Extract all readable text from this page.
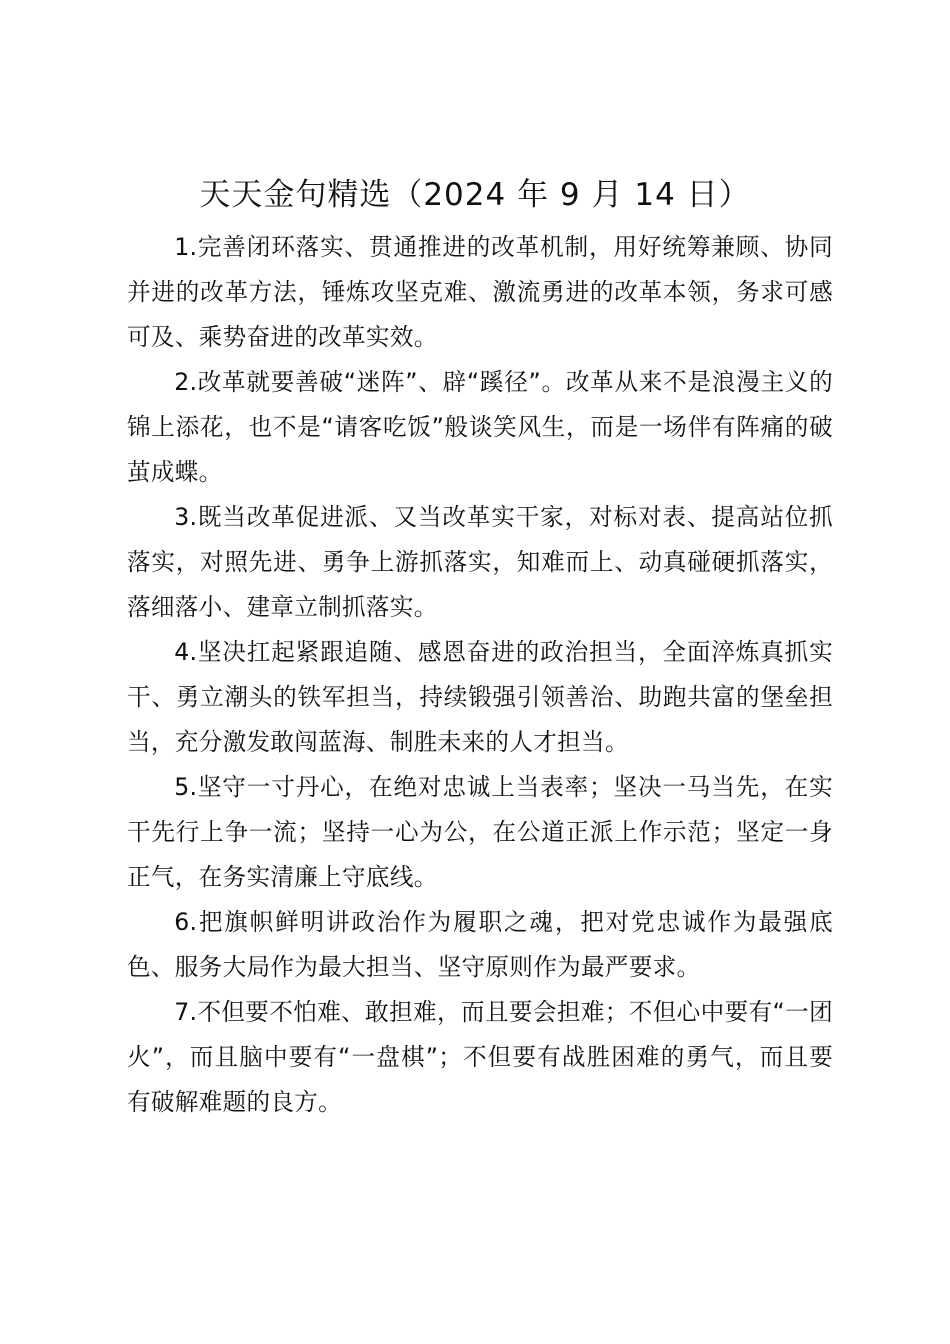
天天金句精选（2024 年 9 月 14 日）

1.完善闭环落实、贯通推进的改革机制，用好统筹兼顾、协同并进的改革方法，锤炼攻坚克难、激流勇进的改革本领，务求可感可及、乘势奋进的改革实效。

2.改革就要善破“迷阵”、辟“蹊径”。改革从来不是浪漫主义的锦上添花，也不是“请客吃饭”般谈笑风生，而是一场伴有阵痛的破茧成蝶。

3.既当改革促进派、又当改革实干家，对标对表、提高站位抓落实，对照先进、勇争上游抓落实，知难而上、动真碰硬抓落实，落细落小、建章立制抓落实。

4.坚决扛起紧跟追随、感恩奋进的政治担当，全面淬炼真抓实干、勇立潮头的铁军担当，持续锻强引领善治、助跑共富的堡垒担当，充分激发敢闯蓝海、制胜未来的人才担当。

5.坚守一寸丹心，在绝对忠诚上当表率；坚决一马当先，在实干先行上争一流；坚持一心为公，在公道正派上作示范；坚定一身正气，在务实清廉上守底线。

6.把旗帜鲜明讲政治作为履职之魂，把对党忠诚作为最强底色、服务大局作为最大担当、坚守原则作为最严要求。

7.不但要不怕难、敢担难，而且要会担难；不但心中要有“一团火”，而且脑中要有“一盘棋”；不但要有战胜困难的勇气，而且要有破解难题的良方。
